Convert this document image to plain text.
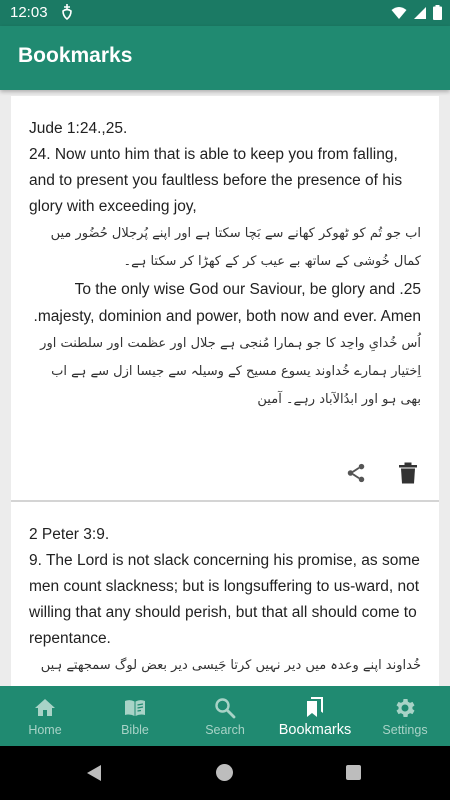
12:03
Bookmarks
Jude 1:24.,25.
24. Now unto him that is able to keep you from falling, and to present you faultless before the presence of his glory with exceeding joy,
اب جو تُم کو ٹھوکر کھانے سے بَچا سکتا ہے اور اپنے پُرجلال حُضُور میں کمال خُوشی کے ساتھ بے عیب کر کے کھڑا کر سکتا ہے۔
25. To the only wise God our Saviour, be glory and majesty, dominion and power, both now and ever. Amen.
اُس خُدایِ واحِد کا جو ہمارا مُنجی ہے جلال اور عظمت اور سلطنت اور اِختیار ہمارے خُداوند یسوع مسیح کے وسیلہ سے جیسا ازل سے ہے اب بھی ہو اور ابدُالآباد رہے۔ آمین
2 Peter 3:9.
9. The Lord is not slack concerning his promise, as some men count slackness; but is longsuffering to us-ward, not willing that any should perish, but that all should come to repentance.
خُداوند اپنے وعدہ میں دیر نہیں کرتا جَیسی دیر بعض لوگ سمجھتے ہیں
Home	Bible	Search Bookmarks Settings
